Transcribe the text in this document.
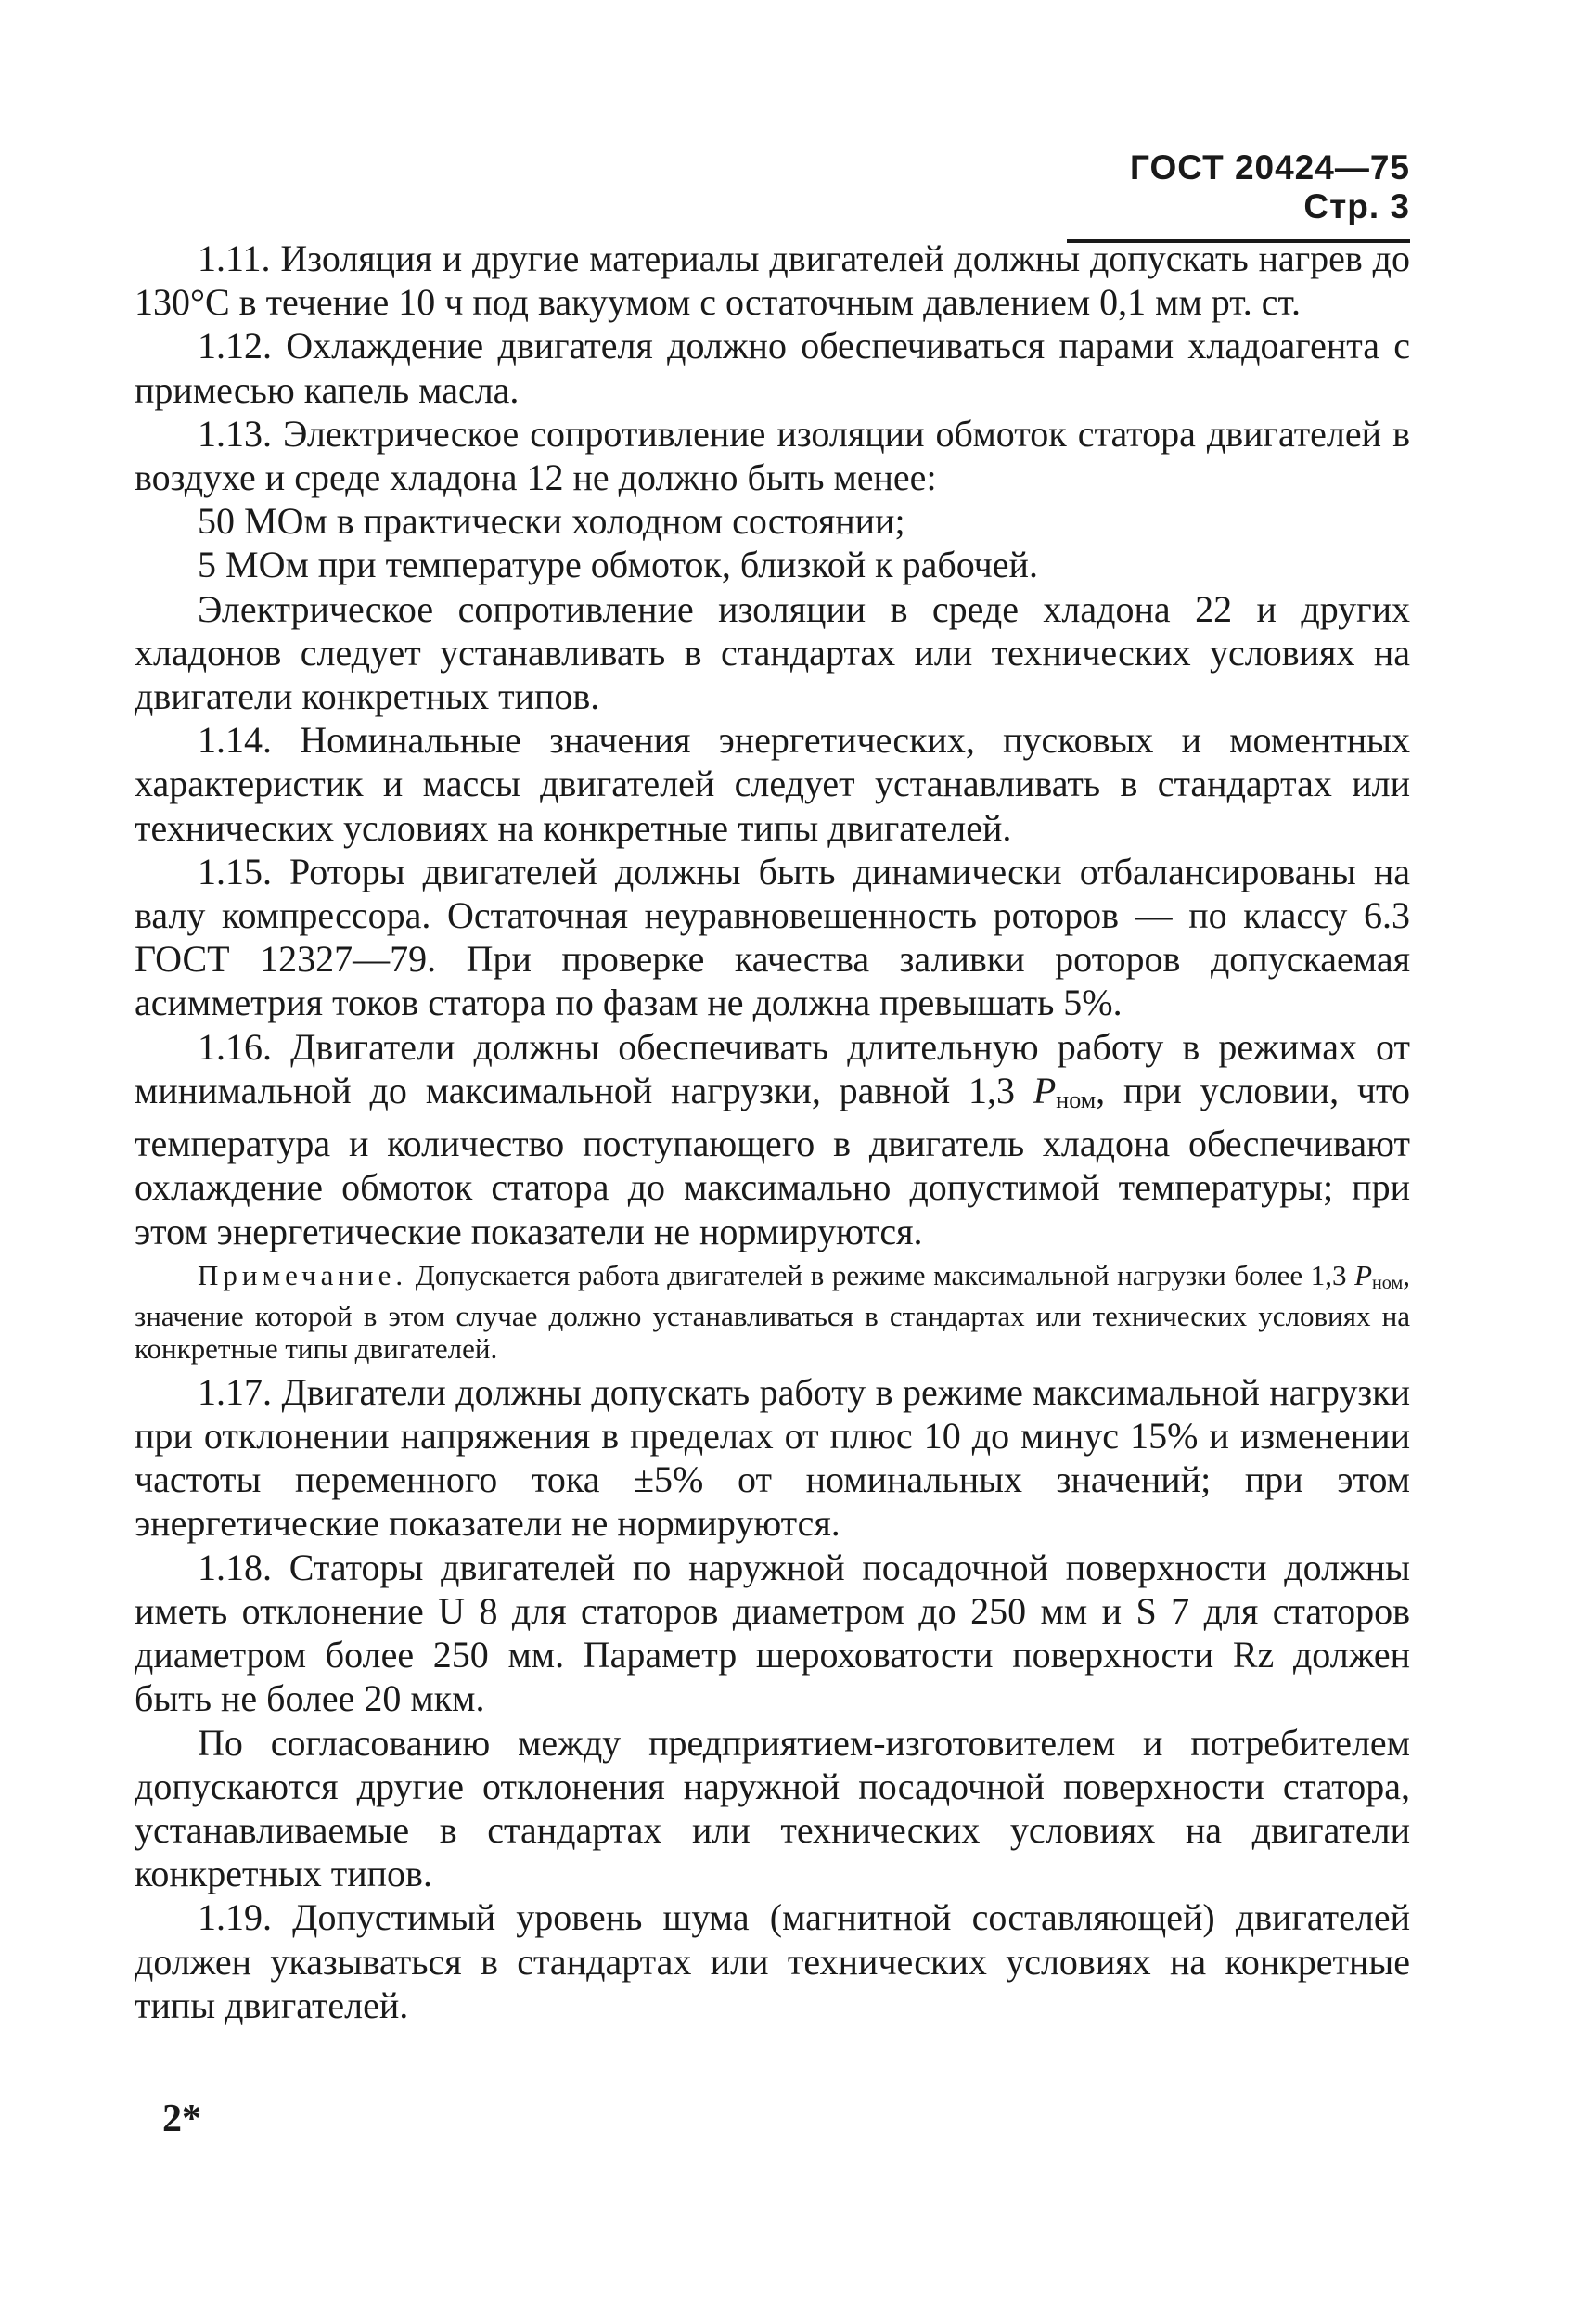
ГОСТ 20424—75 Стр. 3

1.11. Изоляция и другие материалы двигателей должны допускать нагрев до 130°С в течение 10 ч под вакуумом с остаточным давлением 0,1 мм рт. ст.

1.12. Охлаждение двигателя должно обеспечиваться парами хладоагента с примесью капель масла.

1.13. Электрическое сопротивление изоляции обмоток статора двигателей в воздухе и среде хладона 12 не должно быть менее:

50 МОм в практически холодном состоянии;

5 МОм при температуре обмоток, близкой к рабочей.

Электрическое сопротивление изоляции в среде хладона 22 и других хладонов следует устанавливать в стандартах или технических условиях на двигатели конкретных типов.

1.14. Номинальные значения энергетических, пусковых и моментных характеристик и массы двигателей следует устанавливать в стандартах или технических условиях на конкретные типы двигателей.

1.15. Роторы двигателей должны быть динамически отбалансированы на валу компрессора. Остаточная неуравновешенность роторов — по классу 6.3 ГОСТ 12327—79. При проверке качества заливки роторов допускаемая асимметрия токов статора по фазам не должна превышать 5%.

1.16. Двигатели должны обеспечивать длительную работу в режимах от минимальной до максимальной нагрузки, равной 1,3 $P_{ном}$, при условии, что температура и количество поступающего в двигатель хладона обеспечивают охлаждение обмоток статора до максимально допустимой температуры; при этом энергетические показатели не нормируются.

Примечание. Допускается работа двигателей в режиме максимальной нагрузки более 1,3 $P_{ном}$, значение которой в этом случае должно устанавливаться в стандартах или технических условиях на конкретные типы двигателей.

1.17. Двигатели должны допускать работу в режиме максимальной нагрузки при отклонении напряжения в пределах от плюс 10 до минус 15% и изменении частоты переменного тока ±5% от номинальных значений; при этом энергетические показатели не нормируются.

1.18. Статоры двигателей по наружной посадочной поверхности должны иметь отклонение U 8 для статоров диаметром до 250 мм и S 7 для статоров диаметром более 250 мм. Параметр шероховатости поверхности Rz должен быть не более 20 мкм.

По согласованию между предприятием-изготовителем и потребителем допускаются другие отклонения наружной посадочной поверхности статора, устанавливаемые в стандартах или технических условиях на двигатели конкретных типов.

1.19. Допустимый уровень шума (магнитной составляющей) двигателей должен указываться в стандартах или технических условиях на конкретные типы двигателей.

2*
